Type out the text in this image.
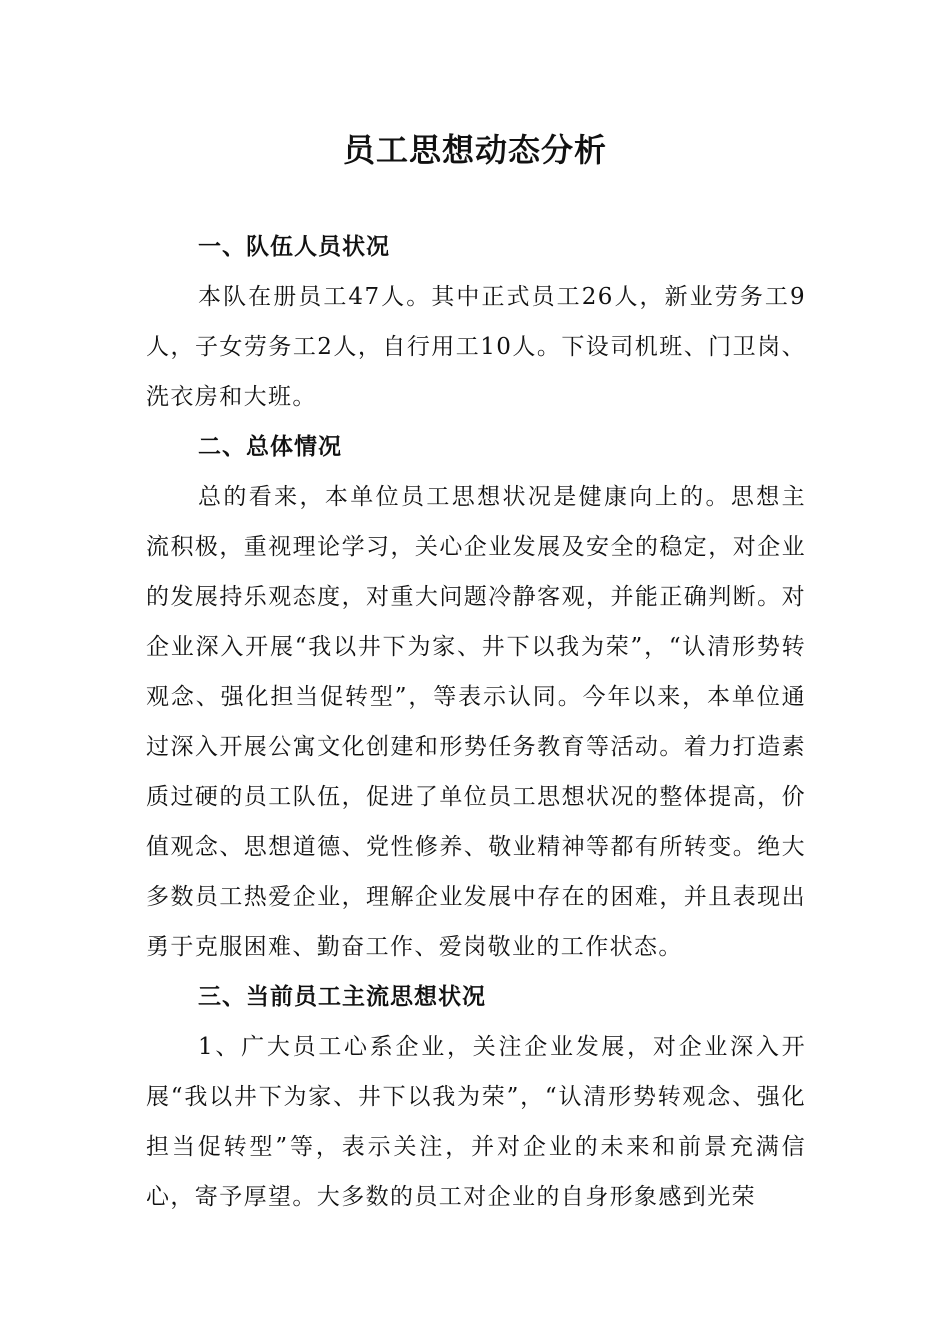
员工思想动态分析
一、队伍人员状况

本队在册员工47人。其中正式员工26人，新业劳务工9人，子女劳务工2人，自行用工10人。下设司机班、门卫岗、洗衣房和大班。

二、总体情况

总的看来，本单位员工思想状况是健康向上的。思想主流积极，重视理论学习，关心企业发展及安全的稳定，对企业的发展持乐观态度，对重大问题冷静客观，并能正确判断。对企业深入开展“我以井下为家、井下以我为荣”，“认清形势转观念、强化担当促转型”，等表示认同。今年以来，本单位通过深入开展公寓文化创建和形势任务教育等活动。着力打造素质过硬的员工队伍，促进了单位员工思想状况的整体提高，价值观念、思想道德、党性修养、敬业精神等都有所转变。绝大多数员工热爱企业，理解企业发展中存在的困难，并且表现出勇于克服困难、勤奋工作、爱岗敬业的工作状态。

三、当前员工主流思想状况

1、广大员工心系企业，关注企业发展，对企业深入开展“我以井下为家、井下以我为荣”，“认清形势转观念、强化担当促转型”等，表示关注，并对企业的未来和前景充满信心，寄予厚望。大多数的员工对企业的自身形象感到光荣
